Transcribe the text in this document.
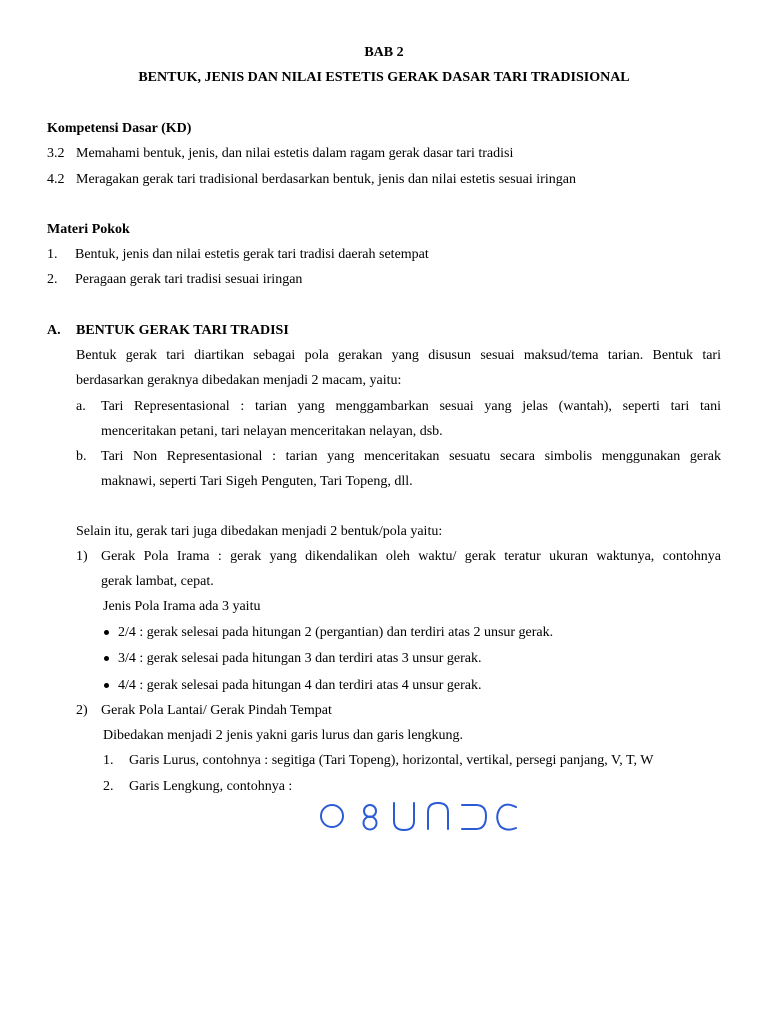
BAB 2
BENTUK, JENIS DAN NILAI ESTETIS GERAK DASAR TARI TRADISIONAL
Kompetensi Dasar (KD)
3.2 Memahami bentuk, jenis, dan nilai estetis dalam ragam gerak dasar tari tradisi
4.2 Meragakan gerak tari tradisional berdasarkan bentuk, jenis dan nilai estetis sesuai iringan
Materi Pokok
1. Bentuk, jenis dan nilai estetis gerak tari tradisi daerah setempat
2. Peragaan gerak tari tradisi sesuai iringan
A. BENTUK GERAK TARI TRADISI
Bentuk gerak tari diartikan sebagai pola gerakan yang disusun sesuai maksud/tema tarian. Bentuk tari
berdasarkan geraknya dibedakan menjadi 2 macam, yaitu:
a. Tari Representasional : tarian yang menggambarkan sesuai yang jelas (wantah), seperti tari tani
menceritakan petani, tari nelayan menceritakan nelayan, dsb.
b. Tari Non Representasional : tarian yang menceritakan sesuatu secara simbolis menggunakan gerak
maknawi, seperti Tari Sigeh Penguten, Tari Topeng, dll.
Selain itu, gerak tari juga dibedakan menjadi 2 bentuk/pola yaitu:
1) Gerak Pola Irama : gerak yang dikendalikan oleh waktu/ gerak teratur ukuran waktunya, contohnya
gerak lambat, cepat.
Jenis Pola Irama ada 3 yaitu
2/4 : gerak selesai pada hitungan 2 (pergantian) dan terdiri atas 2 unsur gerak.
3/4 : gerak selesai pada hitungan 3 dan terdiri atas 3 unsur gerak.
4/4 : gerak selesai pada hitungan 4 dan terdiri atas 4 unsur gerak.
2) Gerak Pola Lantai/ Gerak Pindah Tempat
Dibedakan menjadi 2 jenis yakni garis lurus dan garis lengkung.
1. Garis Lurus, contohnya : segitiga (Tari Topeng), horizontal, vertikal, persegi panjang, V, T, W
2. Garis Lengkung, contohnya :
